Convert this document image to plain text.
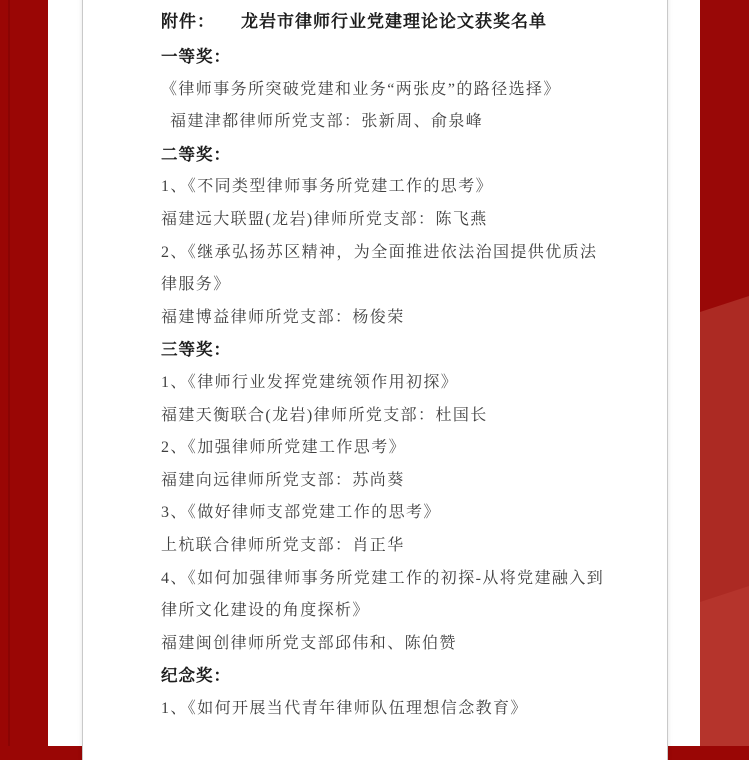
附件： 龙岩市律师行业党建理论论文获奖名单
一等奖：
《律师事务所突破党建和业务“两张皮”的路径选择》
福建津都律师所党支部：张新周、俞泉峰
二等奖：
1、《不同类型律师事务所党建工作的思考》
福建远大联盟(龙岩)律师所党支部：陈飞燕
2、《继承弘扬苏区精神，为全面推进依法治国提供优质法
律服务》
福建博益律师所党支部：杨俊荣
三等奖：
1、《律师行业发挥党建统领作用初探》
福建天衡联合(龙岩)律师所党支部：杜国长
2、《加强律师所党建工作思考》
福建向远律师所党支部：苏尚葵
3、《做好律师支部党建工作的思考》
上杭联合律师所党支部：肖正华
4、《如何加强律师事务所党建工作的初探-从将党建融入到
律所文化建设的角度探析》
福建闽创律师所党支部邱伟和、陈伯赞
纪念奖：
1、《如何开展当代青年律师队伍理想信念教育》
